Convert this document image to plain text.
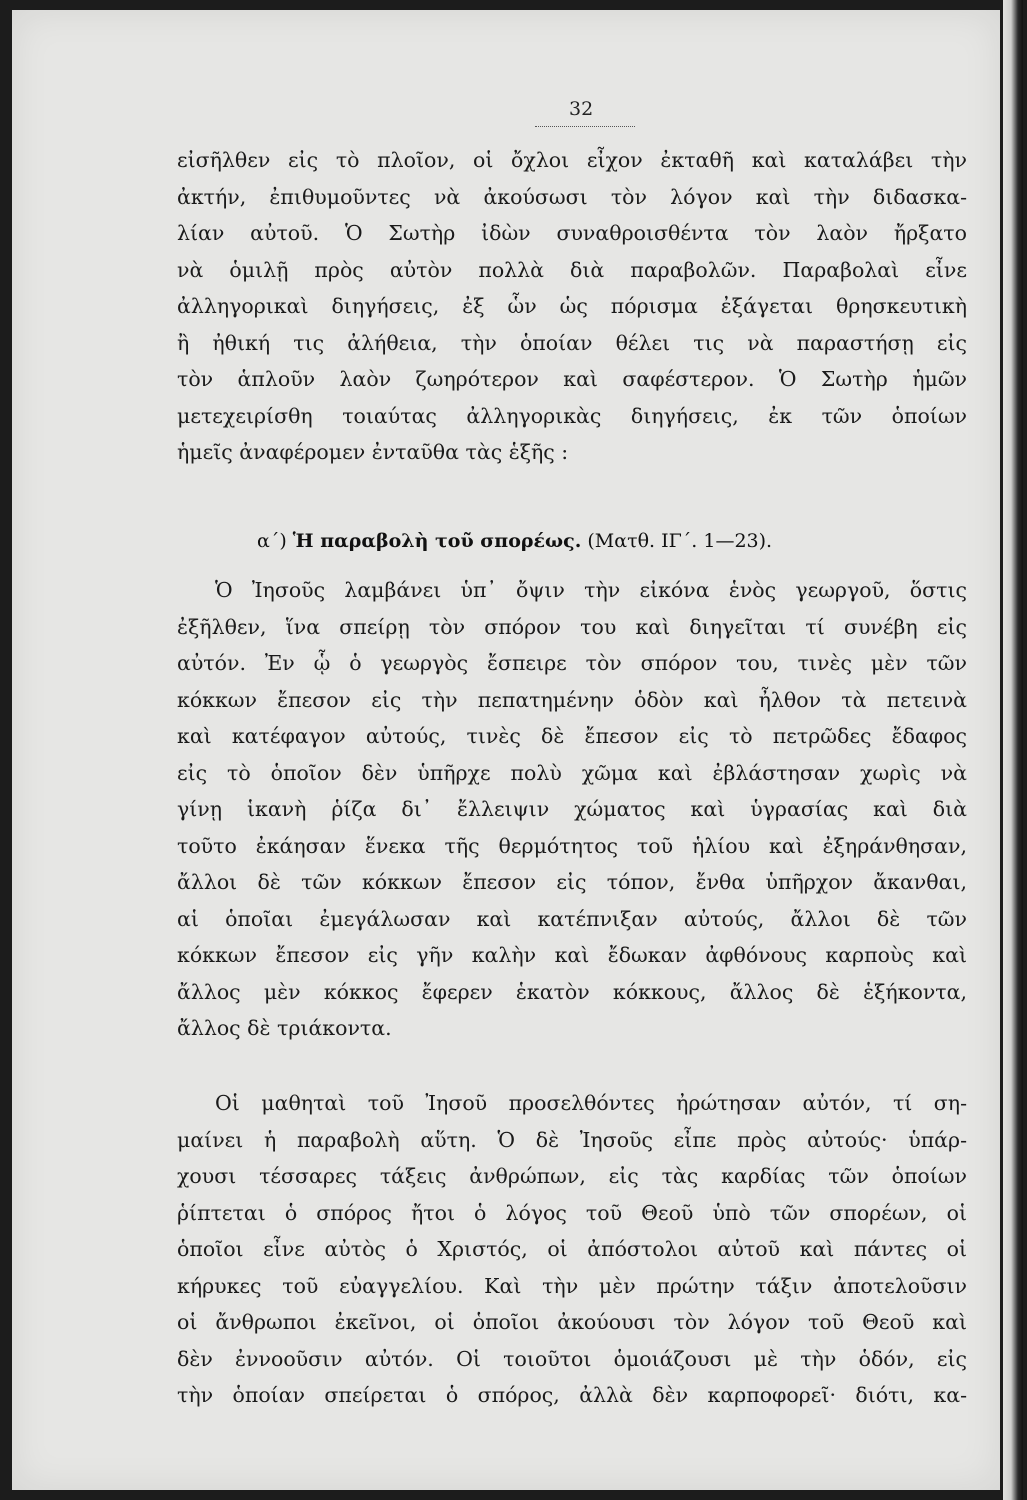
32
εἰσῆλθεν εἰς τὸ πλοῖον, οἱ ὄχλοι εἶχον ἐκταθῆ καὶ καταλάβει τὴν
ἀκτήν, ἐπιθυμοῦντες νὰ ἀκούσωσι τὸν λόγον καὶ τὴν διδασκα-
λίαν αὐτοῦ. Ὁ Σωτὴρ ἰδὼν συναθροισθέντα τὸν λαὸν ἤρξατο
νὰ ὁμιλῇ πρὸς αὐτὸν πολλὰ διὰ παραβολῶν. Παραβολαὶ εἶνε
ἀλληγορικαὶ διηγήσεις, ἐξ ὧν ὡς πόρισμα ἐξάγεται θρησκευτικὴ
ἢ ἠθική τις ἀλήθεια, τὴν ὁποίαν θέλει τις νὰ παραστήσῃ εἰς
τὸν ἁπλοῦν λαὸν ζωηρότερον καὶ σαφέστερον. Ὁ Σωτὴρ ἡμῶν
μετεχειρίσθη τοιαύτας ἀλληγορικὰς διηγήσεις, ἐκ τῶν ὁποίων
ἡμεῖς ἀναφέρομεν ἐνταῦθα τὰς ἑξῆς :
α΄) Ἡ παραβολὴ τοῦ σπορέως. (Ματθ. ΙΓ΄. 1—23).
Ὁ Ἰησοῦς λαμβάνει ὑπ᾽ ὄψιν τὴν εἰκόνα ἑνὸς γεωργοῦ, ὅστις
ἐξῆλθεν, ἵνα σπείρῃ τὸν σπόρον του καὶ διηγεῖται τί συνέβη εἰς
αὐτόν. Ἐν ᾧ ὁ γεωργὸς ἔσπειρε τὸν σπόρον του, τινὲς μὲν τῶν
κόκκων ἔπεσον εἰς τὴν πεπατημένην ὁδὸν καὶ ἦλθον τὰ πετεινὰ
καὶ κατέφαγον αὐτούς, τινὲς δὲ ἔπεσον εἰς τὸ πετρῶδες ἔδαφος
εἰς τὸ ὁποῖον δὲν ὑπῆρχε πολὺ χῶμα καὶ ἐβλάστησαν χωρὶς νὰ
γίνῃ ἱκανὴ ῥίζα δι᾽ ἔλλειψιν χώματος καὶ ὑγρασίας καὶ διὰ
τοῦτο ἐκάησαν ἕνεκα τῆς θερμότητος τοῦ ἡλίου καὶ ἐξηράνθησαν,
ἄλλοι δὲ τῶν κόκκων ἔπεσον εἰς τόπον, ἔνθα ὑπῆρχον ἄκανθαι,
αἱ ὁποῖαι ἐμεγάλωσαν καὶ κατέπνιξαν αὐτούς, ἄλλοι δὲ τῶν
κόκκων ἔπεσον εἰς γῆν καλὴν καὶ ἔδωκαν ἀφθόνους καρποὺς καὶ
ἄλλος μὲν κόκκος ἔφερεν ἑκατὸν κόκκους, ἄλλος δὲ ἑξήκοντα,
ἄλλος δὲ τριάκοντα.
Οἱ μαθηταὶ τοῦ Ἰησοῦ προσελθόντες ἠρώτησαν αὐτόν, τί ση-
μαίνει ἡ παραβολὴ αὕτη. Ὁ δὲ Ἰησοῦς εἶπε πρὸς αὐτούς· ὑπάρ-
χουσι τέσσαρες τάξεις ἀνθρώπων, εἰς τὰς καρδίας τῶν ὁποίων
ῥίπτεται ὁ σπόρος ἤτοι ὁ λόγος τοῦ Θεοῦ ὑπὸ τῶν σπορέων, οἱ
ὁποῖοι εἶνε αὐτὸς ὁ Χριστός, οἱ ἀπόστολοι αὐτοῦ καὶ πάντες οἱ
κήρυκες τοῦ εὐαγγελίου. Καὶ τὴν μὲν πρώτην τάξιν ἀποτελοῦσιν
οἱ ἄνθρωποι ἐκεῖνοι, οἱ ὁποῖοι ἀκούουσι τὸν λόγον τοῦ Θεοῦ καὶ
δὲν ἐννοοῦσιν αὐτόν. Οἱ τοιοῦτοι ὁμοιάζουσι μὲ τὴν ὁδόν, εἰς
τὴν ὁποίαν σπείρεται ὁ σπόρος, ἀλλὰ δὲν καρποφορεῖ· διότι, κα-
